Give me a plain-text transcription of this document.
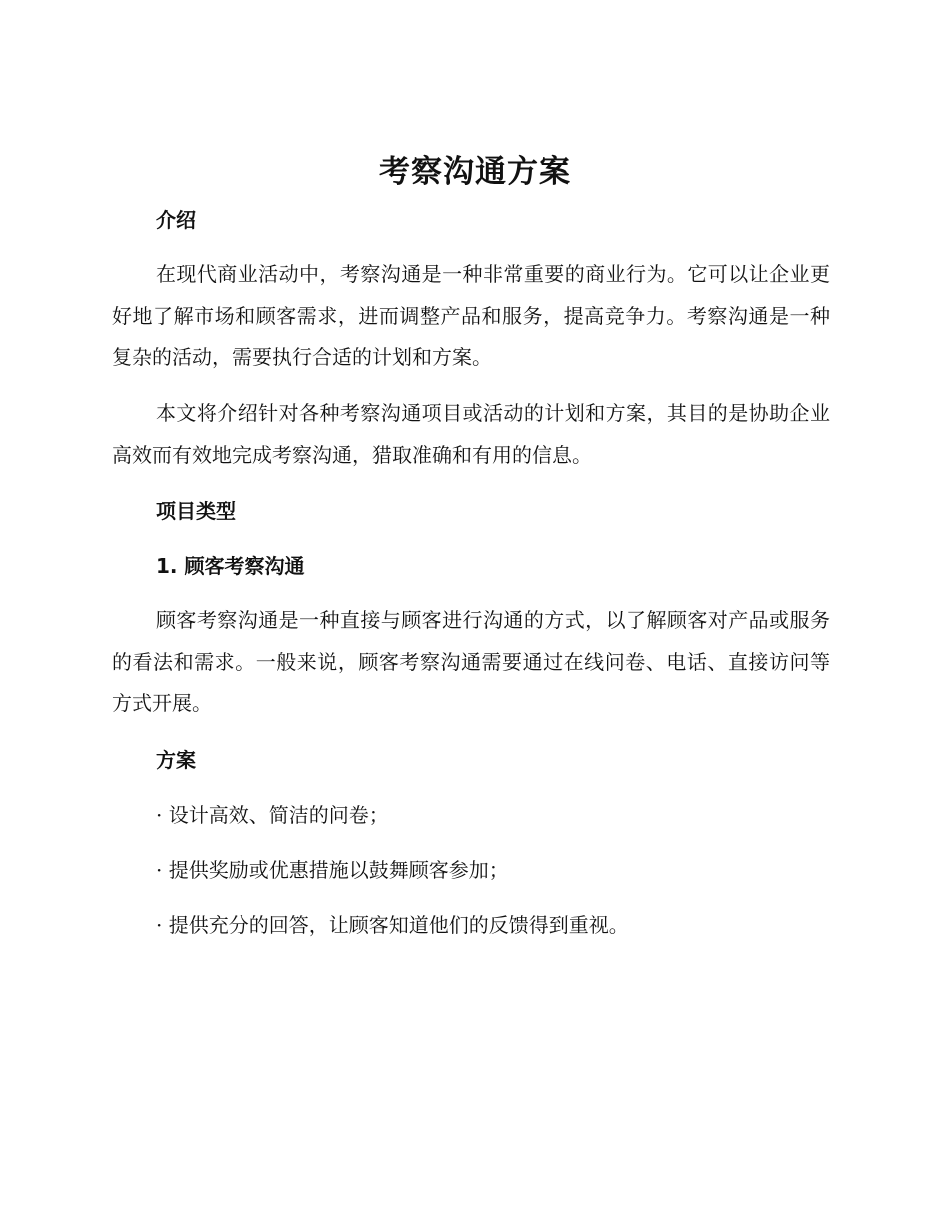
考察沟通方案
介绍

在现代商业活动中，考察沟通是一种非常重要的商业行为。它可以让企业更好地了解市场和顾客需求，进而调整产品和服务，提高竞争力。考察沟通是一种复杂的活动，需要执行合适的计划和方案。

本文将介绍针对各种考察沟通项目或活动的计划和方案，其目的是协助企业高效而有效地完成考察沟通，猎取准确和有用的信息。

项目类型
1. 顾客考察沟通

顾客考察沟通是一种直接与顾客进行沟通的方式，以了解顾客对产品或服务的看法和需求。一般来说，顾客考察沟通需要通过在线问卷、电话、直接访问等方式开展。

方案

· 设计高效、简洁的问卷；

· 提供奖励或优惠措施以鼓舞顾客参加；

· 提供充分的回答，让顾客知道他们的反馈得到重视。
